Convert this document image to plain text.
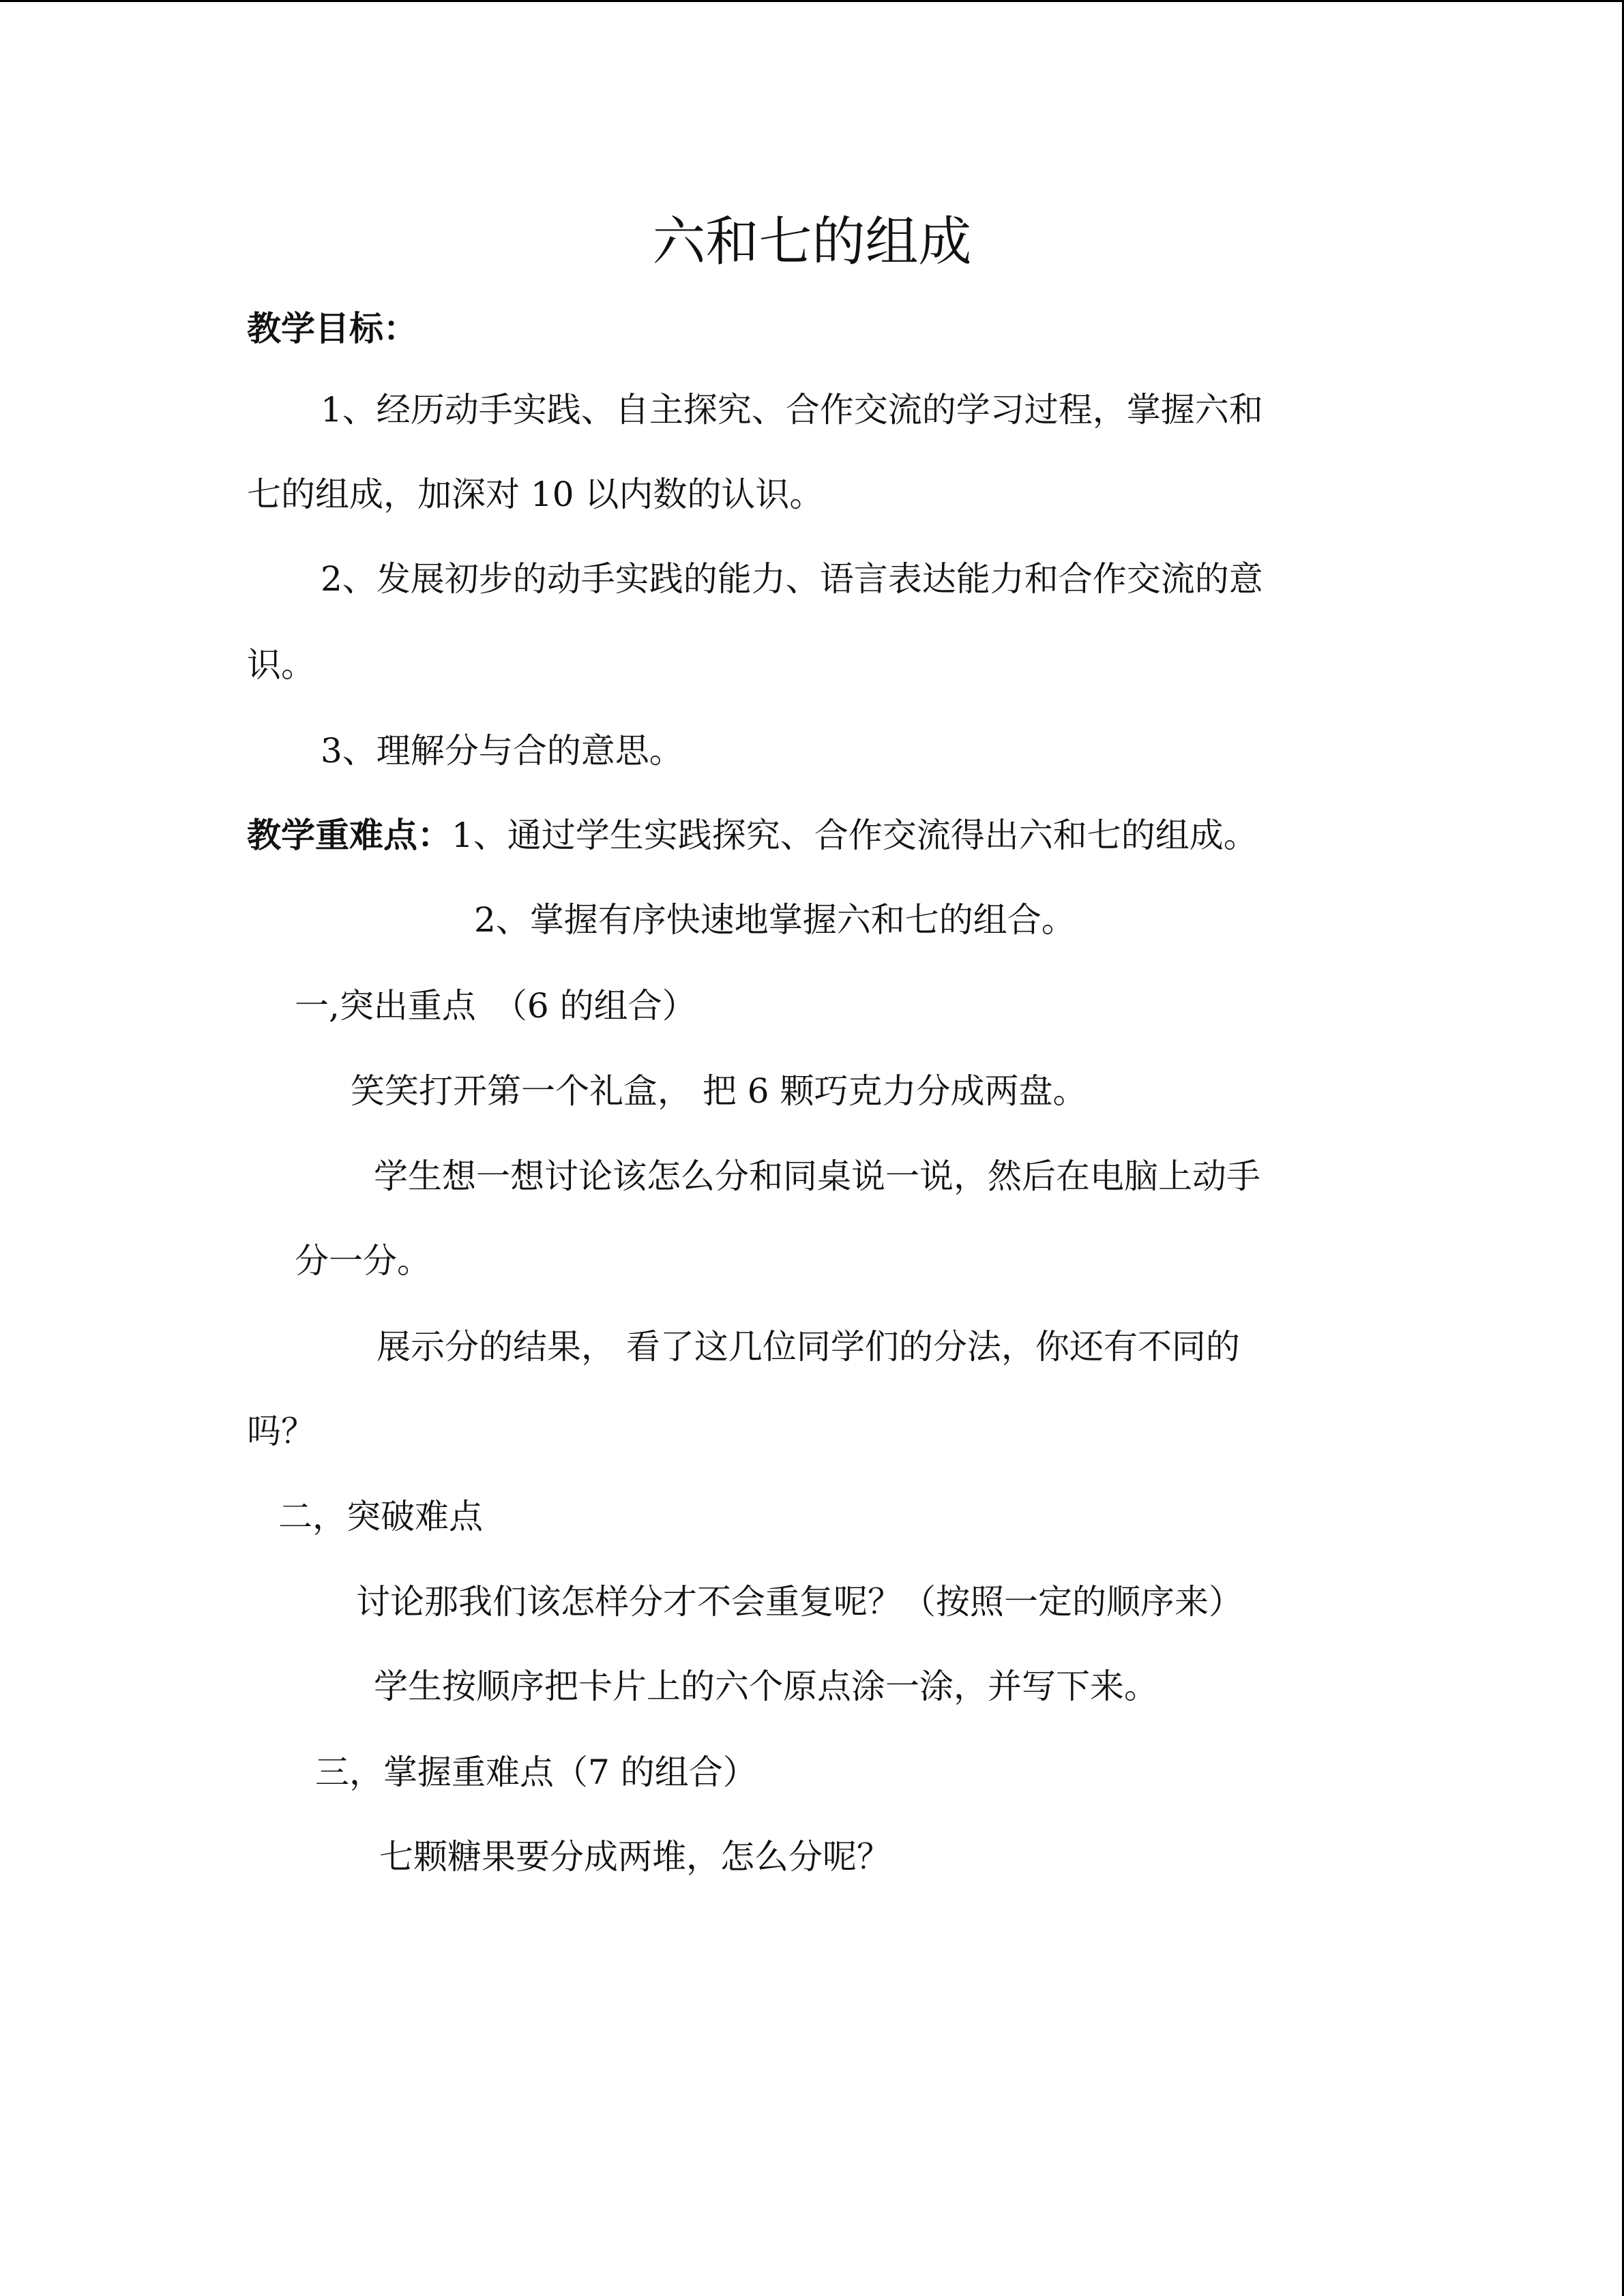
六和七的组成
教学目标：
1、经历动手实践、自主探究、合作交流的学习过程，掌握六和
七的组成，加深对 10 以内数的认识。
2、发展初步的动手实践的能力、语言表达能力和合作交流的意
识。
3、理解分与合的意思。
教学重难点：1、通过学生实践探究、合作交流得出六和七的组成。
2、掌握有序快速地掌握六和七的组合。
一,突出重点　（6 的组合）
笑笑打开第一个礼盒， 把 6 颗巧克力分成两盘。
学生想一想讨论该怎么分和同桌说一说，然后在电脑上动手
分一分。
展示分的结果， 看了这几位同学们的分法，你还有不同的
吗？
二，突破难点
讨论那我们该怎样分才不会重复呢？（按照一定的顺序来）
学生按顺序把卡片上的六个原点涂一涂，并写下来。
三，掌握重难点（7 的组合）
七颗糖果要分成两堆，怎么分呢？
